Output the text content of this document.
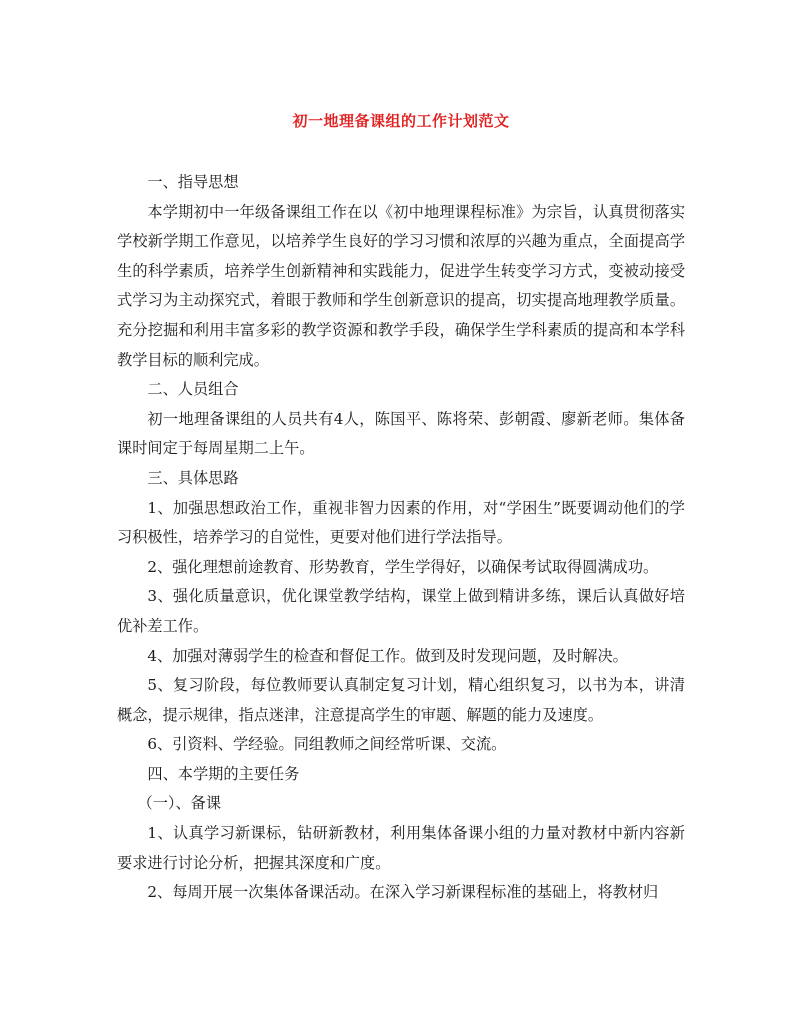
初一地理备课组的工作计划范文

一、指导思想

本学期初中一年级备课组工作在以《初中地理课程标准》为宗旨，认真贯彻落实学校新学期工作意见，以培养学生良好的学习习惯和浓厚的兴趣为重点，全面提高学生的科学素质，培养学生创新精神和实践能力，促进学生转变学习方式，变被动接受式学习为主动探究式，着眼于教师和学生创新意识的提高，切实提高地理教学质量。充分挖掘和利用丰富多彩的教学资源和教学手段，确保学生学科素质的提高和本学科教学目标的顺利完成。

二、人员组合

初一地理备课组的人员共有4人，陈国平、陈将荣、彭朝霞、廖新老师。集体备课时间定于每周星期二上午。

三、具体思路

1、加强思想政治工作，重视非智力因素的作用，对“学困生”既要调动他们的学习积极性，培养学习的自觉性，更要对他们进行学法指导。

2、强化理想前途教育、形势教育，学生学得好，以确保考试取得圆满成功。

3、强化质量意识，优化课堂教学结构，课堂上做到精讲多练，课后认真做好培优补差工作。

4、加强对薄弱学生的检查和督促工作。做到及时发现问题，及时解决。

5、复习阶段，每位教师要认真制定复习计划，精心组织复习，以书为本，讲清概念，提示规律，指点迷津，注意提高学生的审题、解题的能力及速度。

6、引资料、学经验。同组教师之间经常听课、交流。

四、本学期的主要任务

（一）、备课

1、认真学习新课标，钻研新教材，利用集体备课小组的力量对教材中新内容新要求进行讨论分析，把握其深度和广度。

2、每周开展一次集体备课活动。在深入学习新课程标准的基础上，将教材归
